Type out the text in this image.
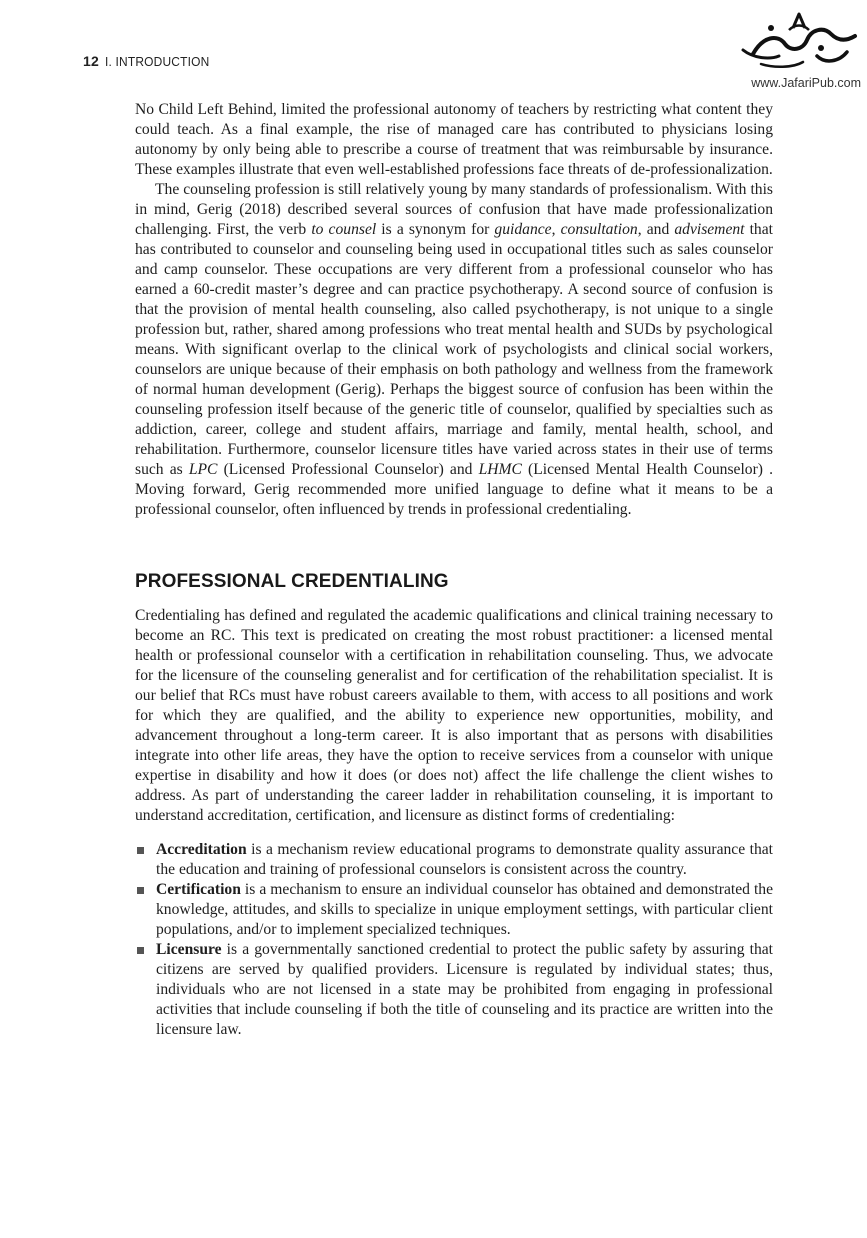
12 I. INTRODUCTION
www.JafariPub.com

No Child Left Behind, limited the professional autonomy of teachers by restricting what content they could teach. As a final example, the rise of managed care has contributed to physicians losing autonomy by only being able to prescribe a course of treatment that was reimbursable by insurance. These examples illustrate that even well-established professions face threats of de-professionalization.

The counseling profession is still relatively young by many standards of professionalism. With this in mind, Gerig (2018) described several sources of confusion that have made professionalization challenging. First, the verb to counsel is a synonym for guidance, consultation, and advisement that has contributed to counselor and counseling being used in occupational titles such as sales counselor and camp counselor. These occupations are very different from a professional counselor who has earned a 60-credit master’s degree and can practice psychotherapy. A second source of confusion is that the provision of mental health counseling, also called psychotherapy, is not unique to a single profession but, rather, shared among professions who treat mental health and SUDs by psychological means. With significant overlap to the clinical work of psychologists and clinical social workers, counselors are unique because of their emphasis on both pathology and wellness from the framework of normal human development (Gerig). Perhaps the biggest source of confusion has been within the counseling profession itself because of the generic title of counselor, qualified by specialties such as addiction, career, college and student affairs, marriage and family, mental health, school, and rehabilitation. Furthermore, counselor licensure titles have varied across states in their use of terms such as LPC (Licensed Professional Counselor) and LHMC (Licensed Mental Health Counselor) . Moving forward, Gerig recommended more unified language to define what it means to be a professional counselor, often influenced by trends in professional credentialing.

PROFESSIONAL CREDENTIALING

Credentialing has defined and regulated the academic qualifications and clinical training necessary to become an RC. This text is predicated on creating the most robust practitioner: a licensed mental health or professional counselor with a certification in rehabilitation counseling. Thus, we advocate for the licensure of the counseling generalist and for certification of the rehabilitation specialist. It is our belief that RCs must have robust careers available to them, with access to all positions and work for which they are qualified, and the ability to experience new opportunities, mobility, and advancement throughout a long-term career. It is also important that as persons with disabilities integrate into other life areas, they have the option to receive services from a counselor with unique expertise in disability and how it does (or does not) affect the life challenge the client wishes to address. As part of understanding the career ladder in rehabilitation counseling, it is important to understand accreditation, certification, and licensure as distinct forms of credentialing:

Accreditation is a mechanism review educational programs to demonstrate quality assurance that the education and training of professional counselors is consistent across the country.
Certification is a mechanism to ensure an individual counselor has obtained and demonstrated the knowledge, attitudes, and skills to specialize in unique employment settings, with particular client populations, and/or to implement specialized techniques.
Licensure is a governmentally sanctioned credential to protect the public safety by assuring that citizens are served by qualified providers. Licensure is regulated by individual states; thus, individuals who are not licensed in a state may be prohibited from engaging in professional activities that include counseling if both the title of counseling and its practice are written into the licensure law.
